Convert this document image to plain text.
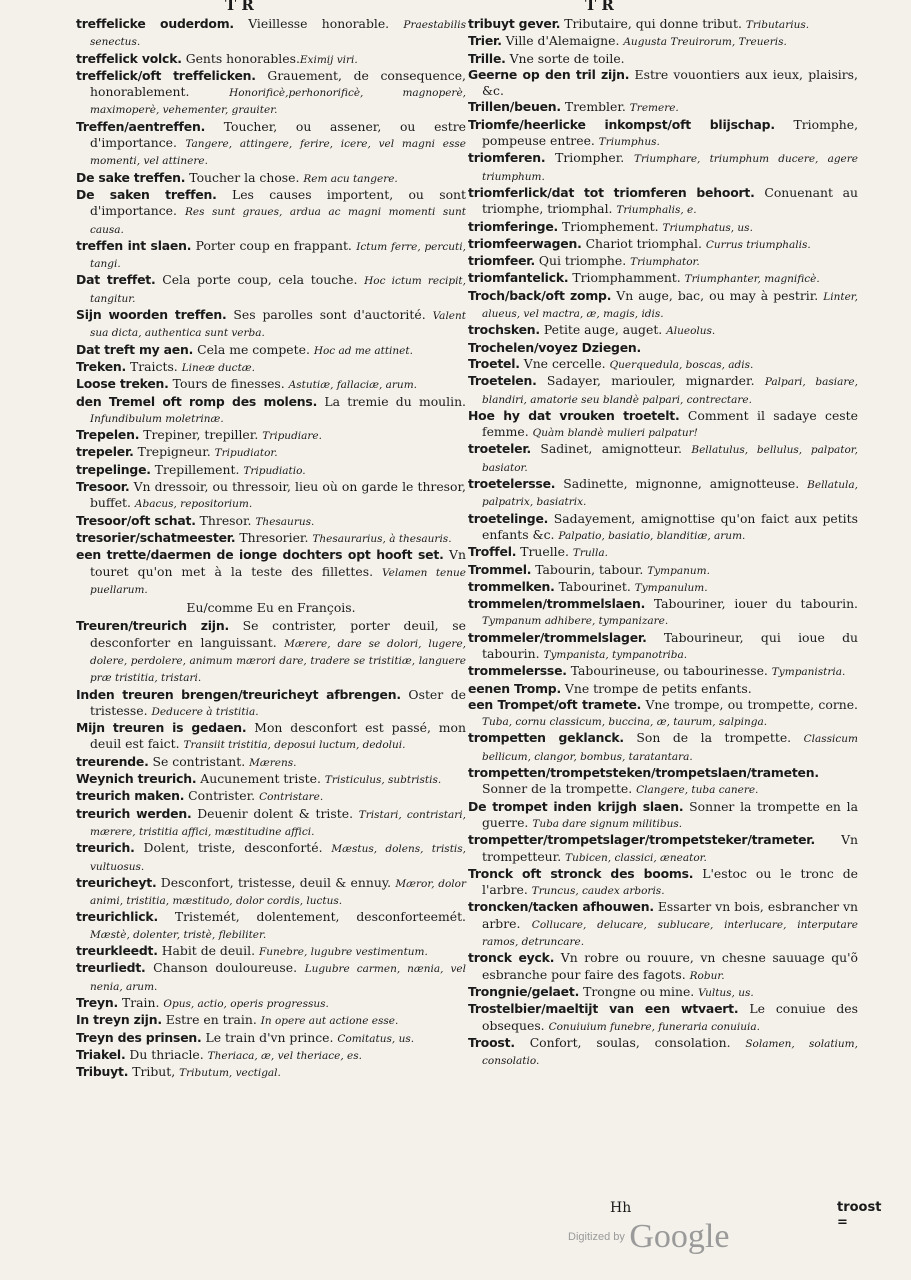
T R	T R

treffelicke ouderdom. Vieillesse honorable. Praestabilis senectus.

treffelick volck. Gents honorables.Eximij viri.

treffelick/oft treffelicken. Grauement, de consequence, honorablement. Honorificè,perhonorificè, magnoperè, maximoperè, vehementer, grauiter.

Treffen/aentreffen. Toucher, ou assener, ou estre d'importance. Tangere, attingere, ferire, icere, vel magni esse momenti, vel attinere.

De sake treffen. Toucher la chose. Rem acu tangere.

De saken treffen. Les causes importent, ou sont d'importance. Res sunt graues, ardua ac magni momenti sunt causa.

treffen int slaen. Porter coup en frappant. Ictum ferre, percuti, tangi.

Dat treffet. Cela porte coup, cela touche. Hoc ictum recipit, tangitur.

Sijn woorden treffen. Ses parolles sont d'auctorité. Valent sua dicta, authentica sunt verba.

Dat treft my aen. Cela me compete. Hoc ad me attinet.

Treken. Traicts. Lineæ ductæ.

Loose treken. Tours de finesses. Astutiæ, fallaciæ, arum.

den Tremel oft romp des molens. La tremie du moulin. Infundibulum moletrinæ.

Trepelen. Trepiner, trepiller. Tripudiare.

trepeler. Trepigneur. Tripudiator.

trepelinge. Trepillement. Tripudiatio.

Tresoor. Vn dressoir, ou thressoir, lieu où on garde le thresor, buffet. Abacus, repositorium.

Tresoor/oft schat. Thresor. Thesaurus.

tresorier/schatmeester. Thresorier. Thesaurarius, à thesauris.

een trette/daermen de ionge dochters opt hooft set. Vn touret qu'on met à la teste des fillettes. Velamen tenue puellarum.

Eu/comme Eu en François.

Treuren/treurich zijn. Se contrister, porter deuil, se desconforter en languissant. Mærere, dare se dolori, lugere, dolere, perdolere, animum mærori dare, tradere se tristitiæ, languere præ tristitia, tristari.

Inden treuren brengen/treuricheyt afbrengen. Oster de tristesse. Deducere à tristitia.

Mijn treuren is gedaen. Mon desconfort est passé, mon deuil est faict. Transiit tristitia, deposui luctum, dedolui.

treurende. Se contristant. Mærens.

Weynich treurich. Aucunement triste. Tristiculus, subtristis.

treurich maken. Contrister. Contristare.

treurich werden. Deuenir dolent & triste. Tristari, contristari, mærere, tristitia affici, mæstitudine affici.

treurich. Dolent, triste, desconforté. Mæstus, dolens, tristis, vultuosus.

treuricheyt. Desconfort, tristesse, deuil & ennuy. Mæror, dolor animi, tristitia, mæstitudo, dolor cordis, luctus.

treurichlick. Tristemét, dolentement, desconforteemét. Mæstè, dolenter, tristè, flebiliter.

treurkleedt. Habit de deuil. Funebre, lugubre vestimentum.

treurliedt. Chanson douloureuse. Lugubre carmen, nænia, vel nenia, arum.

Treyn. Train. Opus, actio, operis progressus.

In treyn zijn. Estre en train. In opere aut actione esse.

Treyn des prinsen. Le train d'vn prince. Comitatus, us.

Triakel. Du thriacle. Theriaca, æ, vel theriace, es.

Tribuyt. Tribut, Tributum, vectigal.

tribuyt gever. Tributaire, qui donne tribut. Tributarius.

Trier. Ville d'Alemaigne. Augusta Treuirorum, Treueris.

Trille. Vne sorte de toile.

Geerne op den tril zijn. Estre vouontiers aux ieux, plaisirs, &c.

Trillen/beuen. Trembler. Tremere.

Triomfe/heerlicke inkompst/oft blijschap. Triomphe, pompeuse entree. Triumphus.

triomferen. Triompher. Triumphare, triumphum ducere, agere triumphum.

triomferlick/dat tot triomferen behoort. Conuenant au triomphe, triomphal. Triumphalis, e.

triomferinge. Triomphement. Triumphatus, us.

triomfeerwagen. Chariot triomphal. Currus triumphalis.

triomfeer. Qui triomphe. Triumphator.

triomfantelick. Triomphamment. Triumphanter, magnificè.

Troch/back/oft zomp. Vn auge, bac, ou may à pestrir. Linter, alueus, vel mactra, æ, magis, idis.

trochsken. Petite auge, auget. Alueolus.

Trochelen/voyez Dziegen.

Troetel. Vne cercelle. Querquedula, boscas, adis.

Troetelen. Sadayer, mariouler, mignarder. Palpari, basiare, blandiri, amatorie seu blandè palpari, contrectare.

Hoe hy dat vrouken troetelt. Comment il sadaye ceste femme. Quàm blandè mulieri palpatur!

troeteler. Sadinet, amignotteur. Bellatulus, bellulus, palpator, basiator.

troetelersse. Sadinette, mignonne, amignotteuse. Bellatula, palpatrix, basiatrix.

troetelinge. Sadayement, amignottise qu'on faict aux petits enfants &c. Palpatio, basiatio, blanditiæ, arum.

Troffel. Truelle. Trulla.

Trommel. Tabourin, tabour. Tympanum.

trommelken. Tabourinet. Tympanulum.

trommelen/trommelslaen. Tabouriner, iouer du tabourin. Tympanum adhibere, tympanizare.

trommeler/trommelslager. Tabourineur, qui ioue du tabourin. Tympanista, tympanotriba.

trommelersse. Tabourineuse, ou tabourinesse. Tympanistria.

eenen Tromp. Vne trompe de petits enfants.

een Trompet/oft tramete. Vne trompe, ou trompette, corne. Tuba, cornu classicum, buccina, æ, taurum, salpinga.

trompetten geklanck. Son de la trompette. Classicum bellicum, clangor, bombus, taratantara.

trompetten/trompetsteken/trompetslaen/trameten. Sonner de la trompette. Clangere, tuba canere.

De trompet inden krijgh slaen. Sonner la trompette en la guerre. Tuba dare signum militibus.

trompetter/trompetslager/trompetsteker/trameter. Vn trompetteur. Tubicen, classici, æneator.

Tronck oft stronck des booms. L'estoc ou le tronc de l'arbre. Truncus, caudex arboris.

troncken/tacken afhouwen. Essarter vn bois, esbrancher vn arbre. Collucare, delucare, sublucare, interlucare, interputare ramos, detruncare.

tronck eyck. Vn robre ou rouure, vn chesne sauuage qu'õ esbranche pour faire des fagots. Robur.

Trongnie/gelaet. Trongne ou mine. Vultus, us.

Trostelbier/maeltijt van een wtvaert. Le conuiue des obseques. Conuiuium funebre, funeraria conuiuia.

Troost. Confort, soulas, consolation. Solamen, solatium, consolatio.

Hh	troost =
Digitized by Google
